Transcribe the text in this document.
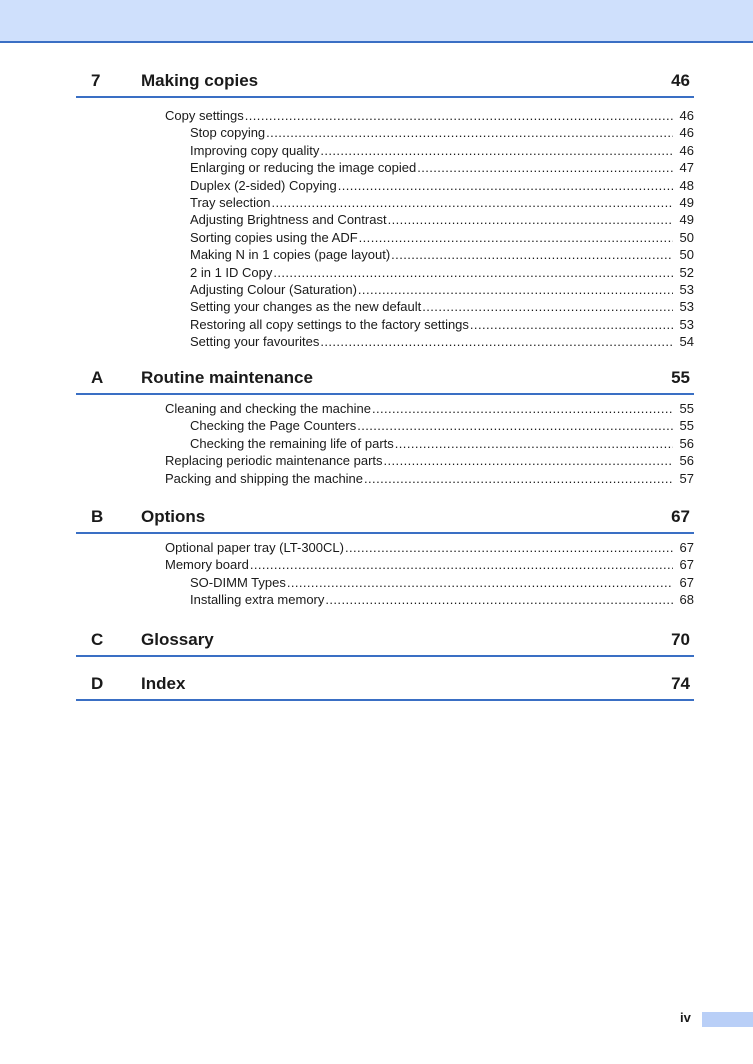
7 Making copies	46
Copy settings .....	46
Stop copying .....	46
Improving copy quality .....	46
Enlarging or reducing the image copied .....	47
Duplex (2-sided) Copying .....	48
Tray selection .....	49
Adjusting Brightness and Contrast .....	49
Sorting copies using the ADF .....	50
Making N in 1 copies (page layout) .....	50
2 in 1 ID Copy .....	52
Adjusting Colour (Saturation) .....	53
Setting your changes as the new default .....	53
Restoring all copy settings to the factory settings .....	53
Setting your favourites .....	54
A Routine maintenance	55
Cleaning and checking the machine .....	55
Checking the Page Counters .....	55
Checking the remaining life of parts .....	56
Replacing periodic maintenance parts .....	56
Packing and shipping the machine .....	57
B Options	67
Optional paper tray (LT-300CL) .....	67
Memory board .....	67
SO-DIMM Types .....	67
Installing extra memory .....	68
C Glossary	70
D Index	74
iv
